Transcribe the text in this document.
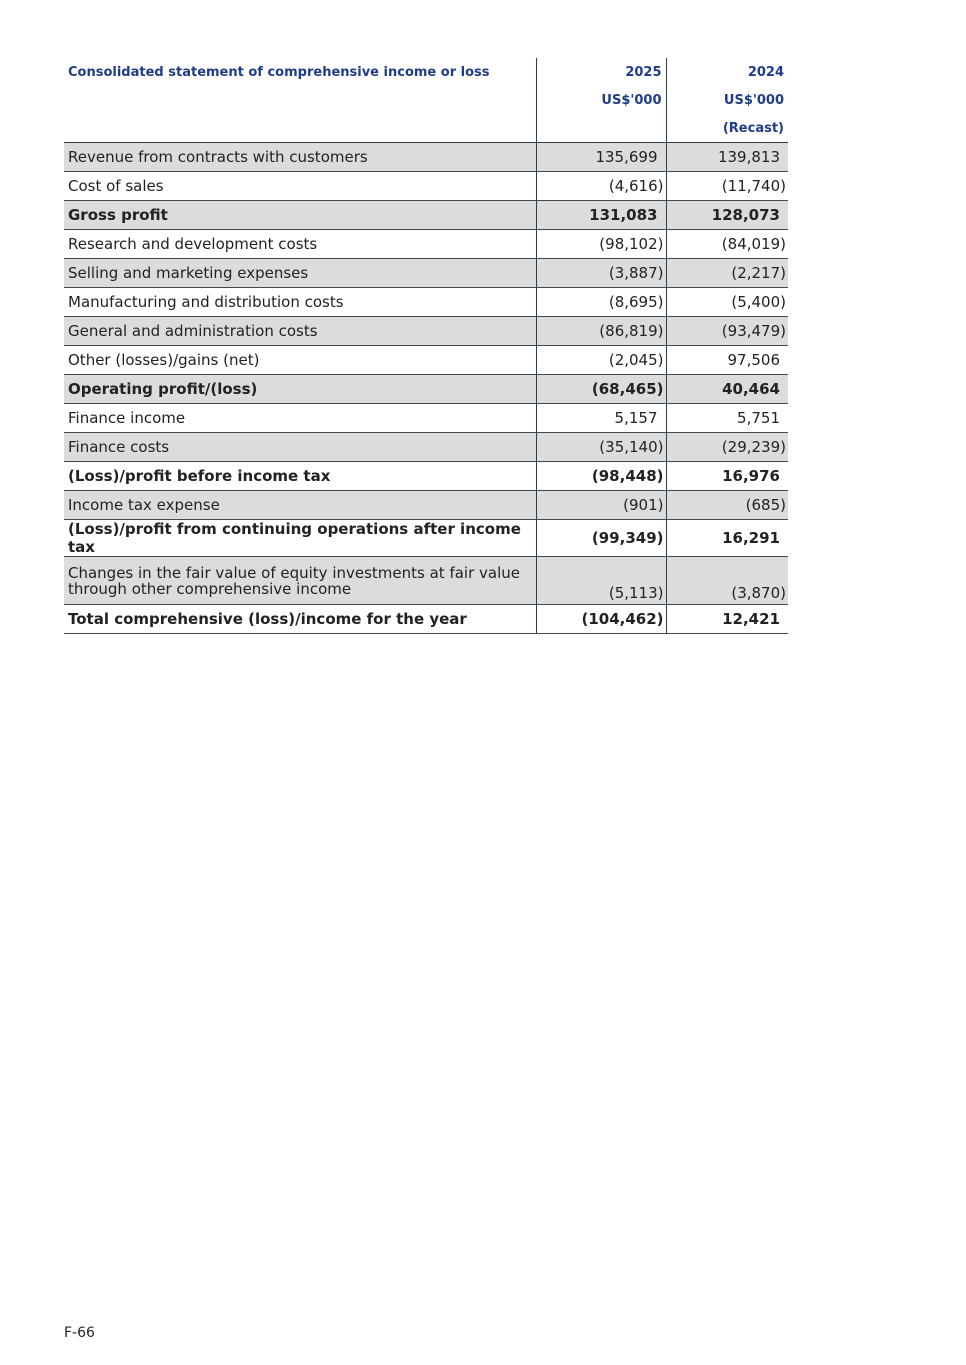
Consolidated statement of comprehensive income or loss	2025	2024
	US$'000	US$'000
		(Recast)
Revenue from contracts with customers	135,699	139,813
Cost of sales	(4,616)	(11,740)
Gross profit	131,083	128,073
Research and development costs	(98,102)	(84,019)
Selling and marketing expenses	(3,887)	(2,217)
Manufacturing and distribution costs	(8,695)	(5,400)
General and administration costs	(86,819)	(93,479)
Other (losses)/gains (net)	(2,045)	97,506
Operating profit/(loss)	(68,465)	40,464
Finance income	5,157	5,751
Finance costs	(35,140)	(29,239)
(Loss)/profit before income tax	(98,448)	16,976
Income tax expense	(901)	(685)
(Loss)/profit from continuing operations after income tax	(99,349)	16,291
Changes in the fair value of equity investments at fair value through other comprehensive income	(5,113)	(3,870)
Total comprehensive (loss)/income for the year	(104,462)	12,421
F-66
